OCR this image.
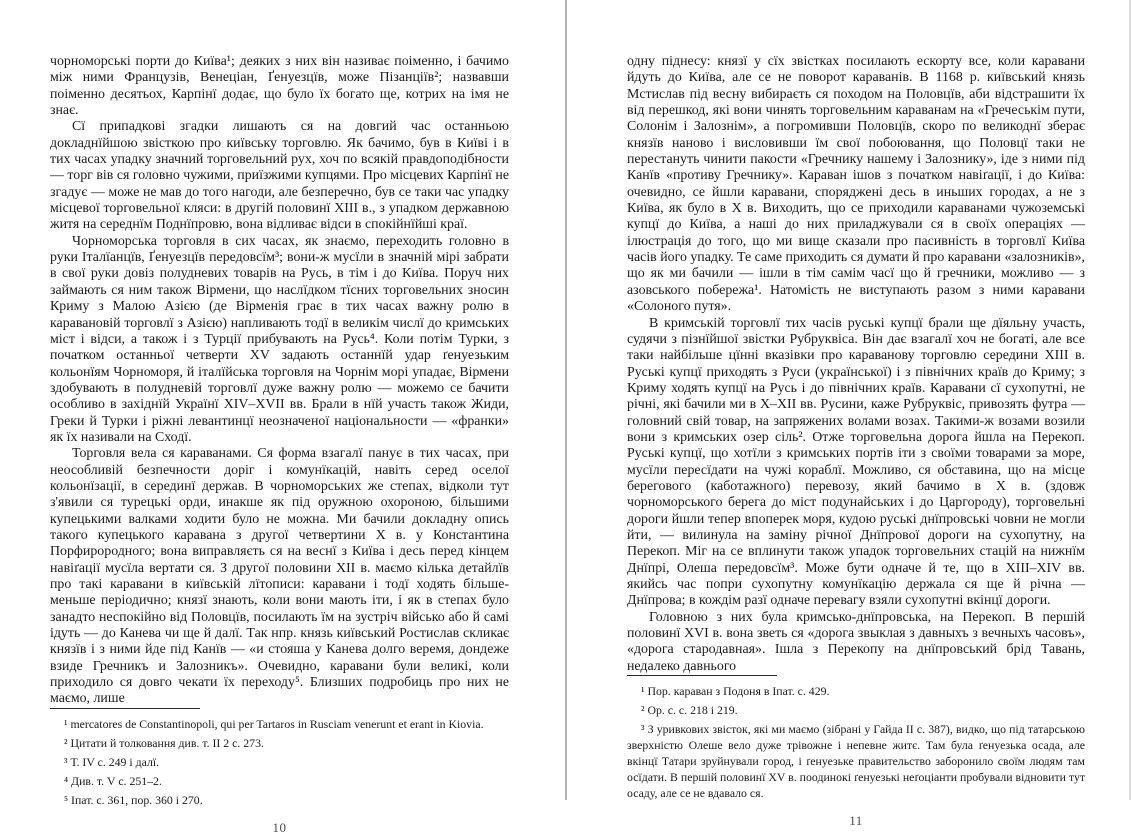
чорноморські порти до Київа¹; деяких з них він називає поіменно, і бачимо між ними Французів, Венеціан, Ґенуезцїв, може Пізанціїв²; назвавши поіменно десятьох, Карпінї додає, що було їх богато ще, котрих на імя не знає.

Сї припадкові згадки лишають ся на довгий час останньою докладнїйшою звісткою про київську торговлю. Як бачимо, був в Київі і в тих часах упадку значний торговельний рух, хоч по всякій правдоподібности — торг вів ся головно чужими, приїзжими купцями. Про місцевих Карпінї не згадує — може не мав до того нагоди, але безперечно, був се таки час упадку місцевої торговельної кляси: в другій половинї XIII в., з упадком державною житя на середнїм Поднїпровю, вона відливає відси в спокійнїйші краї.

Чорноморська торговля в сих часах, як знаємо, переходить головно в руки Італїанцїв, Ґенуезцїв передовсїм³; вони-ж мусїли в значній мірі забрати в свої руки довіз полудневих товарів на Русь, в тім і до Київа. Поруч них займають ся ним також Вірмени, що наслїдком тїсних торговельних зносин Криму з Малою Азією (де Вірменія грає в тих часах важну ролю в каравановій торговлї з Азією) напливають тодї в великім числї до кримських міст і відси, а також і з Турції прибувають на Русь⁴. Коли потім Турки, з початком останньої четверти XV задають останнїй удар ґенуезьким кольонїям Чорноморя, й італїйська торговля на Чорнім морі упадає, Вірмени здобувають в полудневій торговлї дуже важну ролю — можемо се бачити особливо в західнїй Українї XIV–XVII вв. Брали в нїй участь також Жиди, Греки й Турки і ріжні левантинцї неозначеної національности — «франки» як їх називали на Сходї.

Торговля вела ся караванами. Ся форма взагалї панує в тих часах, при неособливій безпечности доріг і комунїкацій, навіть серед оселої кольонїзації, в серединї держав. В чорноморських же степах, відколи тут з'явили ся турецькі орди, инакше як під оружною охороною, більшими купецькими валками ходити було не можна. Ми бачили докладну опись такого купецького каравана з другої четвертини X в. у Константина Порфирородного; вона виправляєть ся на веснї з Київа і десь перед кінцем навіґації мусїла вертати ся. З другої половини XII в. маємо кілька детайлїв про такі каравани в київській лїтописи: каравани і тодї ходять більше-меньше періодично; князї знають, коли вони мають іти, і як в степах було занадто неспокійно від Половцїв, посилають їм на зустріч військо або й самі ідуть — до Канева чи ще й далї. Так нпр. князь київський Ростислав скликає князїв і з ними йде під Канїв — «и стояша у Канева долго веремя, дондеже взиде Гречникъ и Залозникъ». Очевидно, каравани були великі, коли приходило ся довго чекати їх переходу⁵. Близших подробиць про них не маємо, лише

¹ mercatores de Constantinopoli, qui per Tartaros in Rusciam venerunt et erant in Kiovia.

² Цитати й толковання див. т. II 2 с. 273.

³ Т. IV с. 249 і далї.

⁴ Див. т. V с. 251–2.

⁵ Іпат. с. 361, пор. 360 і 270.

10

одну піднесу: князї у сїх звістках посилають ескорту все, коли каравани йдуть до Київа, але се не поворот караванів. В 1168 р. київський князь Мстислав під весну вибираєть ся походом на Половцїв, аби відстрашити їх від перешкод, які вони чинять торговельним караванам на «Гречеськім пути, Солонім і Залознім», а погромивши Половцїв, скоро по великоднї зберає князїв наново і висловивши їм свої побоювання, що Половцї таки не перестануть чинити пакости «Гречнику нашему і Залознику», іде з ними під Канїв «противу Гречнику». Караван ішов з початком навіґації, і до Київа: очевидно, се йшли каравани, споряджені десь в иньших городах, а не з Київа, як було в X в. Виходить, що се приходили караванами чужоземські купцї до Київа, а наші до них приладжували ся в своїх операціях — ілюстрація до того, що ми вище сказали про пасивність в торговлї Київа часів його упадку. Те саме приходить ся думати й про каравани «залозників», що як ми бачили — ішли в тім самім часї що й гречники, можливо — з азовського побережа¹. Натомість не виступають разом з ними каравани «Солоного путя».

В кримській торговлї тих часів руські купцї брали ще дїяльну участь, судячи з пізнїйшої звістки Рубруквіса. Він дає взагалї хоч не богаті, але все таки найбільше цїнні вказівки про караванову торговлю середини XIII в. Руські купцї приходять з Руси (української) і з північних країв до Криму; з Криму ходять купцї на Русь і до північних країв. Каравани сї сухопутні, не річні, які бачили ми в X–XII вв. Русини, каже Рубруквіс, привозять футра — головний свій товар, на запряжених волами возах. Такими-ж возами возили вони з кримських озер сіль². Отже торговельна дорога йшла на Перекоп. Руські купцї, що хотїли з кримських портів іти з своїми товарами за море, мусїли пересїдати на чужі кораблї. Можливо, ся обставина, що на місце берегового (каботажного) перевозу, який бачимо в X в. (здовж чорноморського берега до міст подунайських і до Царгороду), торговельні дороги йшли тепер впоперек моря, кудою руські днїпровські човни не могли йти, — вилинула на заміну річної Днїпрової дороги на сухопутну, на Перекоп. Міг на се вплинути також упадок торговельних стацій на нижнїм Днїпрі, Олеша передовсїм³. Може бути одначе й те, що в XIII–XIV вв. якийсь час попри сухопутну комунїкацію держала ся ще й річна — Днїпрова; в кождім разї одначе перевагу взяли сухопутні вкінцї дороги.

Головною з них була кримсько-днїпровська, на Перекоп. В першій половинї XVI в. вона зветь ся «дорога звыклая з давныхъ з вечныхъ часовъ», «дорога стародавная». Ішла з Перекопу на днїпровський брід Тавань, недалеко давнього

¹ Пор. караван з Подоня в Іпат. с. 429.

² Ор. с. с. 218 і 219.

³ З уривкових звісток, які ми маємо (зібрані у Гайда II с. 387), видко, що під татарською зверхністю Олеше вело дуже трівожне і непевне житє. Там була ґенуезька осада, але вкінцї Татари зруйнували город, і ґенуезьке правительство заборонило своїм людям там осїдати. В першій половинї XV в. поодинокі ґенуезькі неґоціанти пробували відновити тут осаду, але се не вдавало ся.

11
